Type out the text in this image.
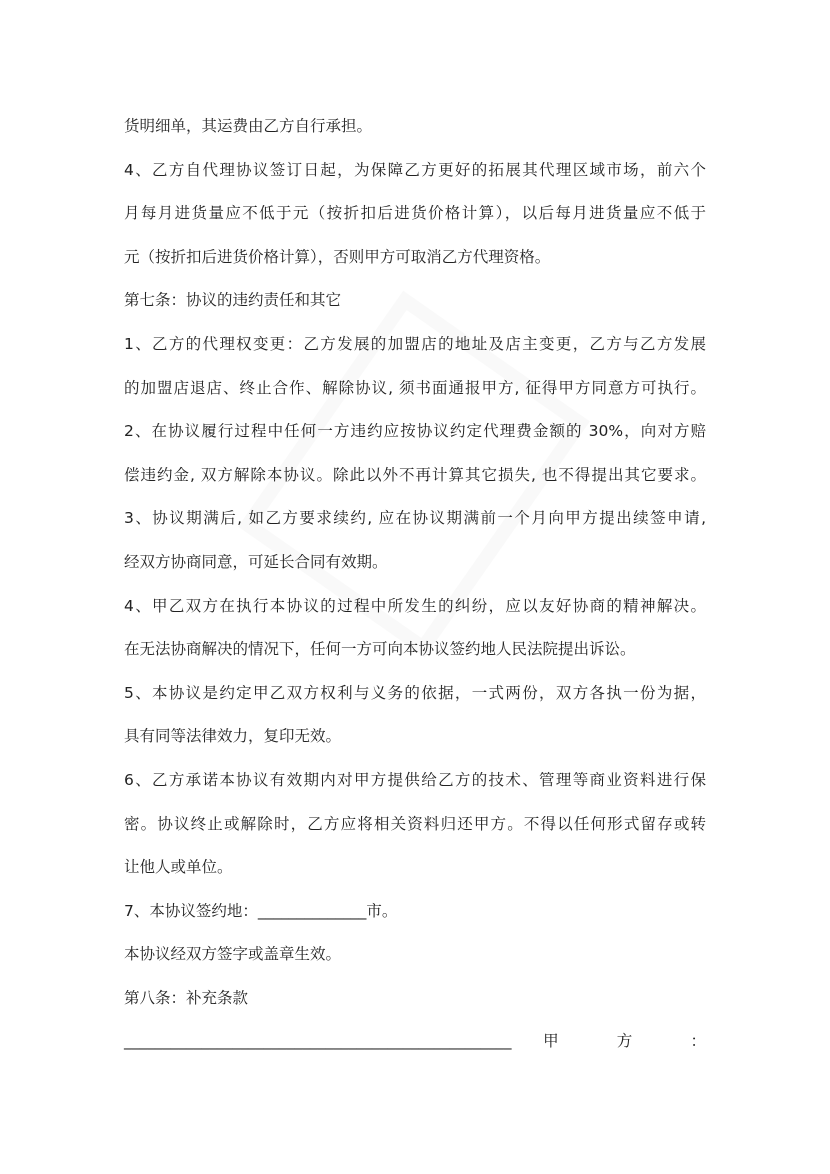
货明细单，其运费由乙方自行承担。
4、乙方自代理协议签订日起，为保障乙方更好的拓展其代理区域市场，前六个
月每月进货量应不低于元（按折扣后进货价格计算），以后每月进货量应不低于
元（按折扣后进货价格计算），否则甲方可取消乙方代理资格。
第七条：协议的违约责任和其它
1、乙方的代理权变更：乙方发展的加盟店的地址及店主变更，乙方与乙方发展
的加盟店退店、终止合作、解除协议, 须书面通报甲方, 征得甲方同意方可执行。
2、在协议履行过程中任何一方违约应按协议约定代理费金额的 30%，向对方赔
偿违约金, 双方解除本协议。除此以外不再计算其它损失, 也不得提出其它要求。
3、协议期满后, 如乙方要求续约, 应在协议期满前一个月向甲方提出续签申请,
经双方协商同意，可延长合同有效期。
4、甲乙双方在执行本协议的过程中所发生的纠纷，应以友好协商的精神解决。
在无法协商解决的情况下，任何一方可向本协议签约地人民法院提出诉讼。
5、本协议是约定甲乙双方权利与义务的依据，一式两份，双方各执一份为据，
具有同等法律效力，复印无效。
6、乙方承诺本协议有效期内对甲方提供给乙方的技术、管理等商业资料进行保
密。协议终止或解除时，乙方应将相关资料归还甲方。不得以任何形式留存或转
让他人或单位。
7、本协议签约地：______________市。
本协议经双方签字或盖章生效。
第八条：补充条款
__________________________________________________ 甲 方 ：
